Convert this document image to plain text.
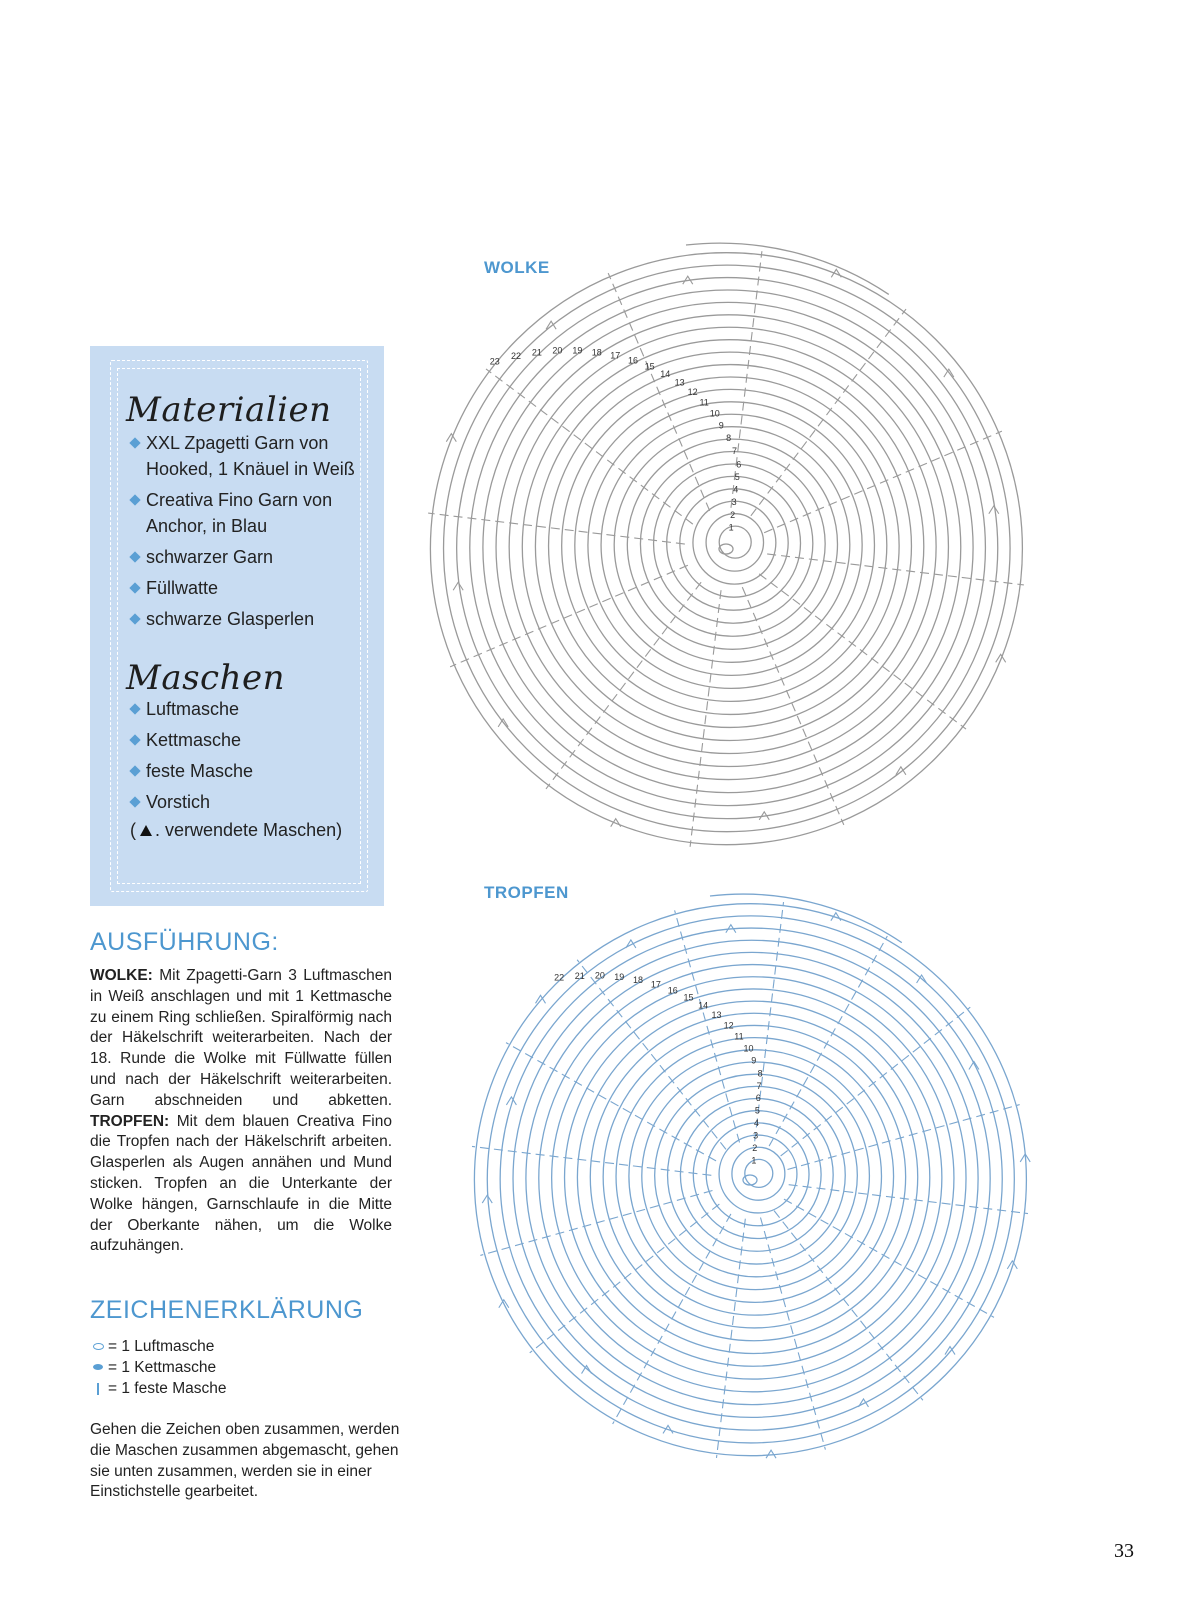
Materialien
XXL Zpagetti Garn von Hooked, 1 Knäuel in Weiß
Creativa Fino Garn von Anchor, in Blau
schwarzer Garn
Füllwatte
schwarze Glasperlen
Maschen
Luftmasche
Kettmasche
feste Masche
Vorstich
( . verwendete Maschen)
AUSFÜHRUNG:
WOLKE: Mit Zpagetti-Garn 3 Luftmaschen in Weiß anschlagen und mit 1 Kettmasche zu einem Ring schließen. Spiralförmig nach der Häkelschrift weiterarbeiten. Nach der 18. Runde die Wolke mit Füllwatte füllen und nach der Häkelschrift weiterarbeiten. Garn abschneiden und abketten. TROPFEN: Mit dem blauen Creativa Fino die Tropfen nach der Häkelschrift arbeiten. Glasperlen als Augen annähen und Mund sticken. Tropfen an die Unterkante der Wolke hängen, Garnschlaufe in die Mitte der Oberkante nähen, um die Wolke aufzuhängen.
ZEICHENERKLÄRUNG
= 1 Luftmasche
= 1 Kettmasche
= 1 feste Masche
Gehen die Zeichen oben zusammen, werden die Maschen zusammen abgemascht, gehen sie unten zusammen, werden sie in einer Einstichstelle gearbeitet.
WOLKE
TROPFEN
1
2
3
4
5
6
7
8
9
10
11
12
13
14
15
16
17
18
19
20
21
22
23
1
2
3
4
5
6
7
8
9
10
11
12
13
14
15
16
17
18
19
20
21
22
33
